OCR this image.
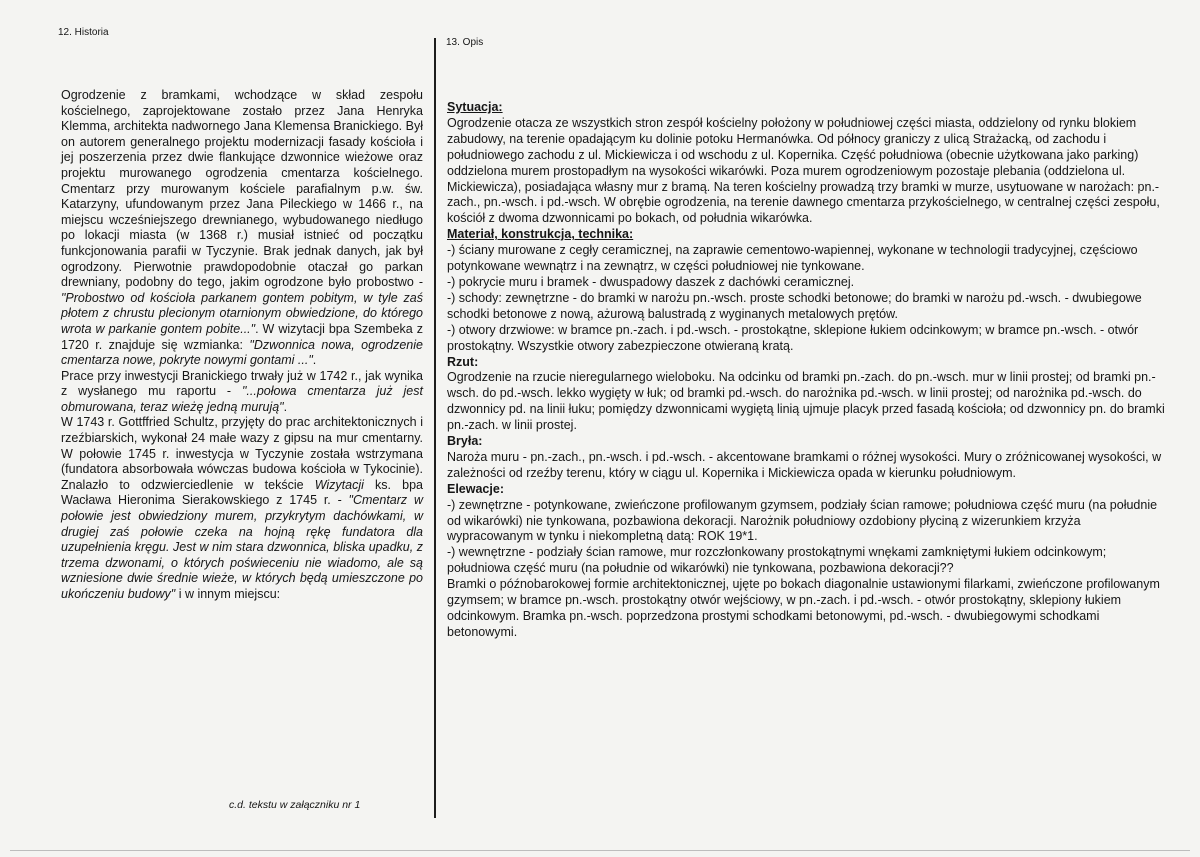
12. Historia
13. Opis

Ogrodzenie z bramkami, wchodzące w skład zespołu kościelnego, zaprojektowane zostało przez Jana Henryka Klemma, architekta nadwornego Jana Klemensa Branickiego. Był on autorem generalnego projektu modernizacji fasady kościoła i jej poszerzenia przez dwie flankujące dzwonnice wieżowe oraz projektu murowanego ogrodzenia cmentarza kościelnego. Cmentarz przy murowanym kościele parafialnym p.w. św. Katarzyny, ufundowanym przez Jana Pileckiego w 1466 r., na miejscu wcześniejszego drewnianego, wybudowanego niedługo po lokacji miasta (w 1368 r.) musiał istnieć od początku funkcjonowania parafii w Tyczynie. Brak jednak danych, jak był ogrodzony. Pierwotnie prawdopodobnie otaczał go parkan drewniany, podobny do tego, jakim ogrodzone było probostwo - "Probostwo od kościoła parkanem gontem pobitym, w tyle zaś płotem z chrustu plecionym otarnionym obwiedzione, do którego wrota w parkanie gontem pobite...". W wizytacji bpa Szembeka z 1720 r. znajduje się wzmianka: "Dzwonnica nowa, ogrodzenie cmentarza nowe, pokryte nowymi gontami ...".

Prace przy inwestycji Branickiego trwały już w 1742 r., jak wynika z wysłanego mu raportu - "...połowa cmentarza już jest obmurowana, teraz wieżę jedną murują".

W 1743 r. Gottffried Schultz, przyjęty do prac architektonicznych i rzeźbiarskich, wykonał 24 małe wazy z gipsu na mur cmentarny. W połowie 1745 r. inwestycja w Tyczynie została wstrzymana (fundatora absorbowała wówczas budowa kościoła w Tykocinie). Znalazło to odzwierciedlenie w tekście Wizytacji ks. bpa Wacława Hieronima Sierakowskiego z 1745 r. - "Cmentarz w połowie jest obwiedziony murem, przykrytym dachówkami, w drugiej zaś połowie czeka na hojną rękę fundatora dla uzupełnienia kręgu. Jest w nim stara dzwonnica, bliska upadku, z trzema dzwonami, o których poświeceniu nie wiadomo, ale są wzniesione dwie średnie wieże, w których będą umieszczone po ukończeniu budowy" i w innym miejscu:

c.d. tekstu w załączniku nr 1
Sytuacja:

Ogrodzenie otacza ze wszystkich stron zespół kościelny położony w południowej części miasta, oddzielony od rynku blokiem zabudowy, na terenie opadającym ku dolinie potoku Hermanówka. Od północy graniczy z ulicą Strażacką, od zachodu i południowego zachodu z ul. Mickiewicza i od wschodu z ul. Kopernika. Część południowa (obecnie użytkowana jako parking) oddzielona murem prostopadłym na wysokości wikarówki. Poza murem ogrodzeniowym pozostaje plebania (oddzielona ul. Mickiewicza), posiadająca własny mur z bramą. Na teren kościelny prowadzą trzy bramki w murze, usytuowane w narożach: pn.-zach., pn.-wsch. i pd.-wsch. W obrębie ogrodzenia, na terenie dawnego cmentarza przykościelnego, w centralnej części zespołu, kościół z dwoma dzwonnicami po bokach, od południa wikarówka.

Materiał, konstrukcja, technika:

-) ściany murowane z cegły ceramicznej, na zaprawie cementowo-wapiennej, wykonane w technologii tradycyjnej, częściowo potynkowane wewnątrz i na zewnątrz, w części południowej nie tynkowane.

-) pokrycie muru i bramek - dwuspadowy daszek z dachówki ceramicznej.

-) schody: zewnętrzne - do bramki w narożu pn.-wsch. proste schodki betonowe; do bramki w narożu pd.-wsch. - dwubiegowe schodki betonowe z nową, ażurową balustradą z wyginanych metalowych prętów.

-) otwory drzwiowe: w bramce pn.-zach. i pd.-wsch. - prostokątne, sklepione łukiem odcinkowym; w bramce pn.-wsch. - otwór prostokątny. Wszystkie otwory zabezpieczone otwieraną kratą.

Rzut:

Ogrodzenie na rzucie nieregularnego wieloboku. Na odcinku od bramki pn.-zach. do pn.-wsch. mur w linii prostej; od bramki pn.-wsch. do pd.-wsch. lekko wygięty w łuk; od bramki pd.-wsch. do narożnika pd.-wsch. w linii prostej; od narożnika pd.-wsch. do dzwonnicy pd. na linii łuku; pomiędzy dzwonnicami wygiętą linią ujmuje placyk przed fasadą kościoła; od dzwonnicy pn. do bramki pn.-zach. w linii prostej.

Bryła:

Naroża muru - pn.-zach., pn.-wsch. i pd.-wsch. - akcentowane bramkami o różnej wysokości. Mury o zróżnicowanej wysokości, w zależności od rzeźby terenu, który w ciągu ul. Kopernika i Mickiewicza opada w kierunku południowym.

Elewacje:

-) zewnętrzne - potynkowane, zwieńczone profilowanym gzymsem, podziały ścian ramowe; południowa część muru (na południe od wikarówki) nie tynkowana, pozbawiona dekoracji. Narożnik południowy ozdobiony płyciną z wizerunkiem krzyża wypracowanym w tynku i niekompletną datą: ROK 19*1.

-) wewnętrzne - podziały ścian ramowe, mur rozczłonkowany prostokątnymi wnękami zamkniętymi łukiem odcinkowym; południowa część muru (na południe od wikarówki) nie tynkowana, pozbawiona dekoracji??

Bramki o późnobarokowej formie architektonicznej, ujęte po bokach diagonalnie ustawionymi filarkami, zwieńczone profilowanym gzymsem; w bramce pn.-wsch. prostokątny otwór wejściowy, w pn.-zach. i pd.-wsch. - otwór prostokątny, sklepiony łukiem odcinkowym. Bramka pn.-wsch. poprzedzona prostymi schodkami betonowymi, pd.-wsch. - dwubiegowymi schodkami betonowymi.
